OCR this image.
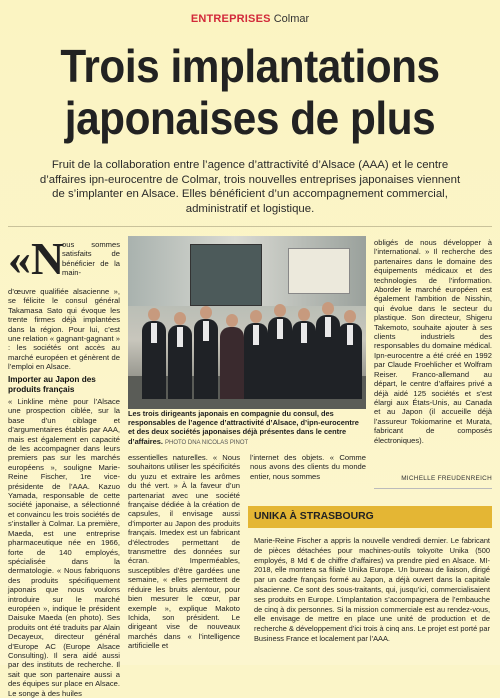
ENTREPRISES Colmar
Trois implantations
japonaises de plus
Fruit de la collaboration entre l’agence d’attractivité d’Alsace (AAA) et le centre d’affaires ipn-eurocentre de Colmar, trois nouvelles entreprises japonaises viennent de s’implanter en Alsace. Elles bénéficient d’un accompagnement commercial, administratif et logistique.
«N
ous sommes satisfaits de bénéficier de la main-
d’œuvre qualifiée alsacienne », se félicite le consul général Takamasa Sato qui évoque les trente firmes déjà implantées dans la région. Pour lui, c’est une relation « gagnant-gagnant » : les sociétés ont accès au marché européen et génèrent de l’emploi en Alsace.
Importer au Japon des produits français
« Linkline mène pour l’Alsace une prospection ciblée, sur la base d’un ciblage et d’argumentaires établis par AAA, mais est également en capacité de les accompagner dans leurs premiers pas sur les marchés européens », souligne Marie-Reine Fischer, 1re vice-présidente de l’AAA. Kazuo Yamada, responsable de cette société japonaise, a sélectionné et convaincu les trois sociétés de s’installer à Colmar. La première, Maeda, est une entreprise pharmaceutique née en 1966, forte de 140 employés, spécialisée dans la dermatologie. « Nous fabriquons des produits spécifiquement japonais que nous voulons introduire sur le marché européen », indique le président Daisuke Maeda (en photo). Ses produits ont été traduits par Alain Decayeux, directeur général d’Europe AC (Europe Alsace Consulting). Il sera aidé aussi par des instituts de recherche. Il sait que son partenaire aussi a des équipes sur place en Alsace. Le songe à des huiles
Les trois dirigeants japonais en compagnie du consul, des responsables de l’agence d’attractivité d’Alsace, d’ipn-eurocentre et des deux sociétés japonaises déjà présentes dans le centre d’affaires. PHOTO DNA NICOLAS PINOT
essentielles naturelles. « Nous souhaitons utiliser les spécificités du yuzu et extraire les arômes du thé vert. » À la faveur d’un partenariat avec une société française dédiée à la création de capsules, il envisage aussi d’importer au Japon des produits français. Imedex est un fabricant d’électrodes permettant de transmettre des données sur écran. Imperméables, susceptibles d’être gardées une semaine, « elles permettent de réduire les bruits alentour, pour bien mesurer le cœur, par exemple », explique Makoto Ichida, son président. Le dirigeant vise de nouveaux marchés dans « l’intelligence artificielle et
l’internet des objets. « Comme nous avons des clients du monde entier, nous sommes
obligés de nous développer à l’international. » Il recherche des partenaires dans le domaine des équipements médicaux et des technologies de l’information. Aborder le marché européen est également l’ambition de Nisshin, qui évolue dans le secteur du plastique. Son directeur, Shigeru Takemoto, souhaite ajouter à ses clients industriels des responsables du domaine médical. Ipn-eurocentre a été créé en 1992 par Claude Froehlicher et Wolfram Reiser. Franco-allemand au départ, le centre d’affaires privé a déjà aidé 125 sociétés et s’est élargi aux États-Unis, au Canada et au Japon (il accueille déjà l’assureur Tokiomarine et Murata, fabricant de composés électroniques).
MICHELLE FREUDENREICH
UNIKA À STRASBOURG
Marie-Reine Fischer a appris la nouvelle vendredi dernier. Le fabricant de pièces détachées pour machines-outils tokyoïte Unika (500 employés, 8 Md € de chiffre d’affaires) va prendre pied en Alsace. MI-2018, elle montera sa filiale Unika Europe. Un bureau de liaison, dirigé par un cadre français formé au Japon, a déjà ouvert dans la capitale alsacienne. Ce sont des sous-traitants, qui, jusqu’ici, commercialisaient ses produits en Europe. L’implantation s’accompagnera de l’embauche de cinq à dix personnes. Si la mission commerciale est au rendez-vous, elle envisage de mettre en place une unité de production et de recherche & développement d’ici trois à cinq ans. Le projet est porté par Business France et localement par l’AAA.
